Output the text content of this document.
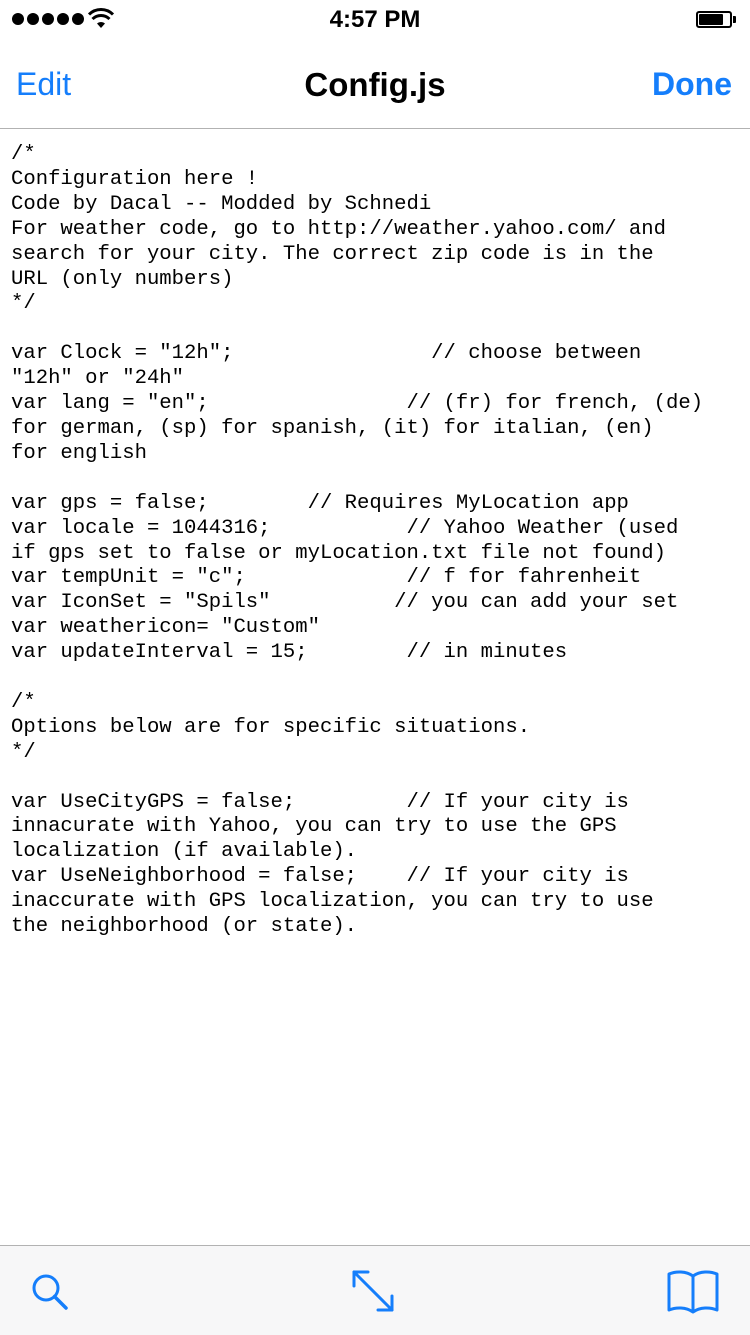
4:57 PM
Edit	Config.js	Done
/*
Configuration here !
Code by Dacal -- Modded by Schnedi
For weather code, go to http://weather.yahoo.com/ and
search for your city. The correct zip code is in the
URL (only numbers)
*/

var Clock = "12h";                // choose between
"12h" or "24h"
var lang = "en";                // (fr) for french, (de)
for german, (sp) for spanish, (it) for italian, (en)
for english

var gps = false;        // Requires MyLocation app
var locale = 1044316;           // Yahoo Weather (used
if gps set to false or myLocation.txt file not found)
var tempUnit = "c";             // f for fahrenheit
var IconSet = "Spils"          // you can add your set
var weathericon= "Custom"
var updateInterval = 15;        // in minutes

/*
Options below are for specific situations.
*/

var UseCityGPS = false;         // If your city is
innacurate with Yahoo, you can try to use the GPS
localization (if available).
var UseNeighborhood = false;    // If your city is
inaccurate with GPS localization, you can try to use
the neighborhood (or state).
